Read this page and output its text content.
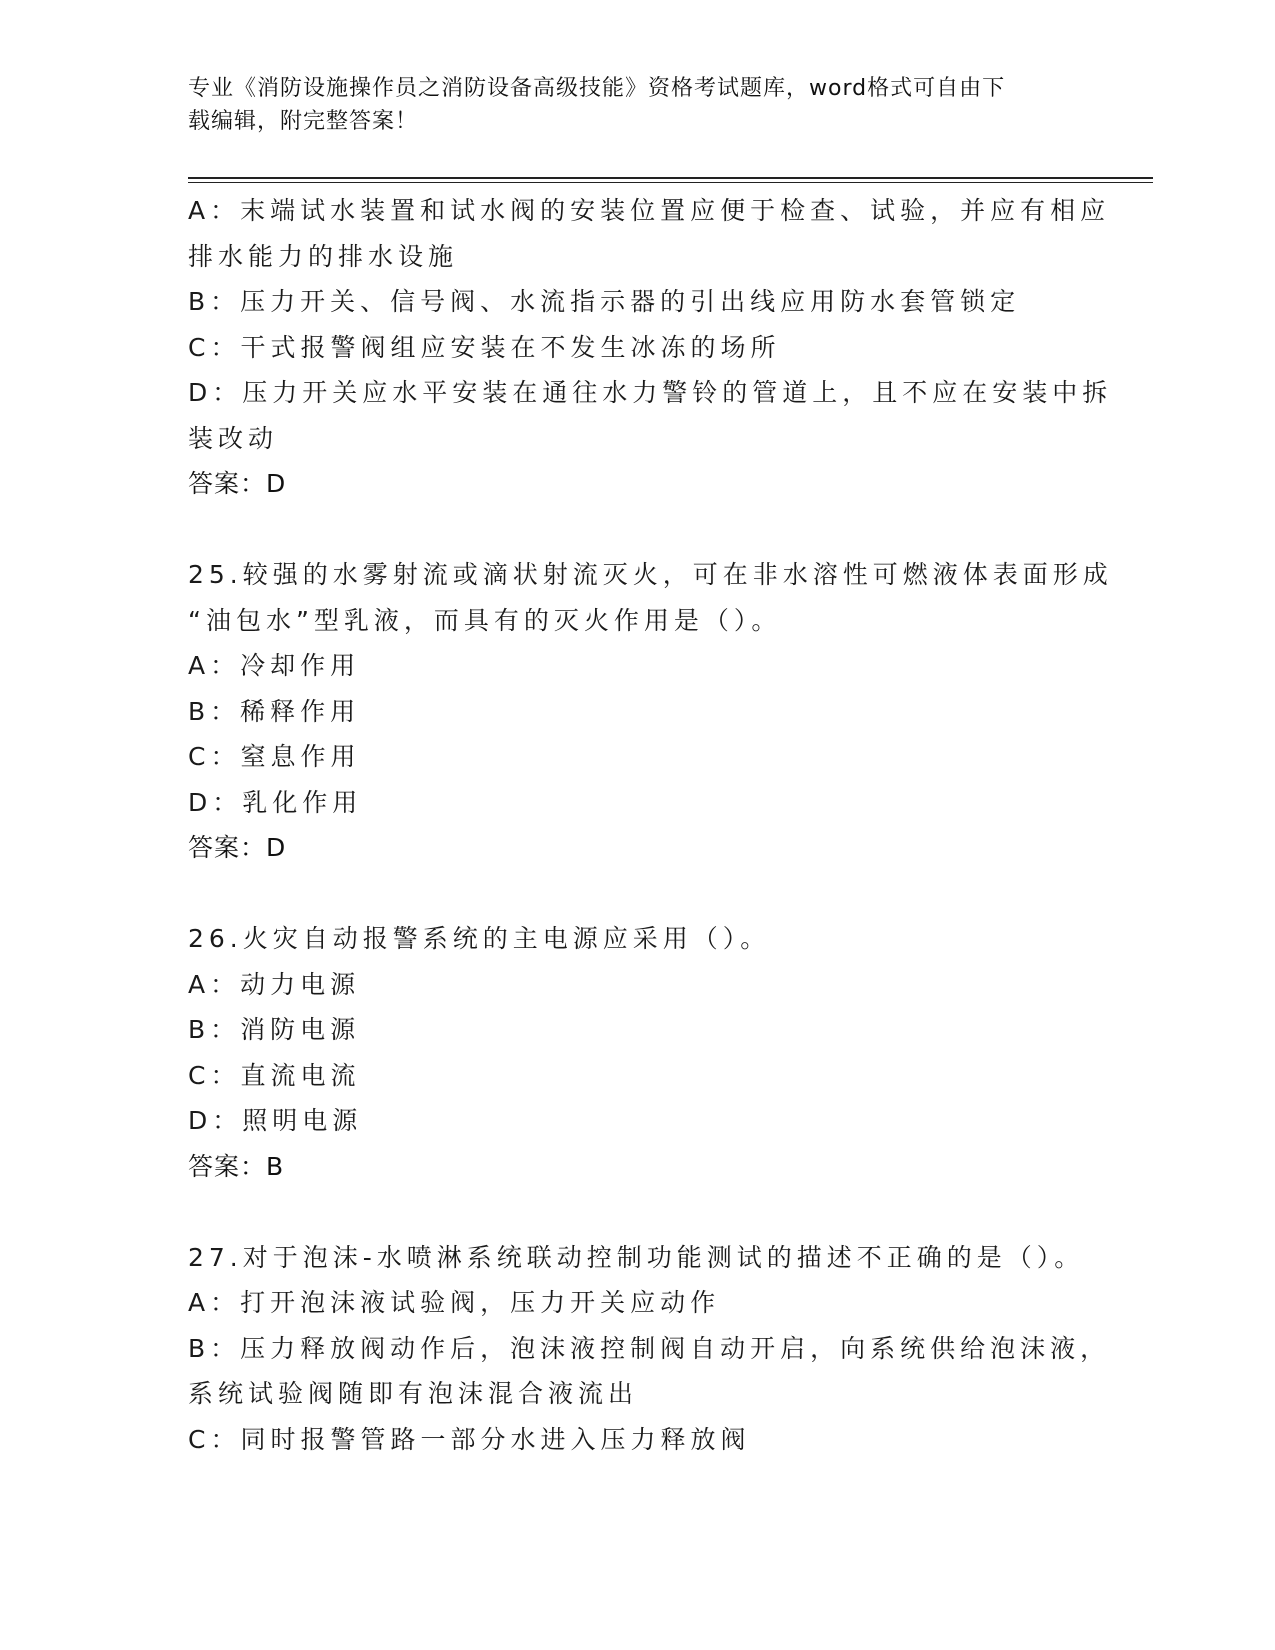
专业《消防设施操作员之消防设备高级技能》资格考试题库，word格式可自由下
载编辑，附完整答案！
A：末端试水装置和试水阀的安装位置应便于检查、试验，并应有相应
排水能力的排水设施
B：压力开关、信号阀、水流指示器的引出线应用防水套管锁定
C：干式报警阀组应安装在不发生冰冻的场所
D：压力开关应水平安装在通往水力警铃的管道上，且不应在安装中拆
装改动
答案：D
25.较强的水雾射流或滴状射流灭火，可在非水溶性可燃液体表面形成
“油包水”型乳液，而具有的灭火作用是（）。
A：冷却作用
B：稀释作用
C：窒息作用
D：乳化作用
答案：D
26.火灾自动报警系统的主电源应采用（）。
A：动力电源
B：消防电源
C：直流电流
D：照明电源
答案：B
27.对于泡沫-水喷淋系统联动控制功能测试的描述不正确的是（）。
A：打开泡沫液试验阀，压力开关应动作
B：压力释放阀动作后，泡沫液控制阀自动开启，向系统供给泡沫液，
系统试验阀随即有泡沫混合液流出
C：同时报警管路一部分水进入压力释放阀
